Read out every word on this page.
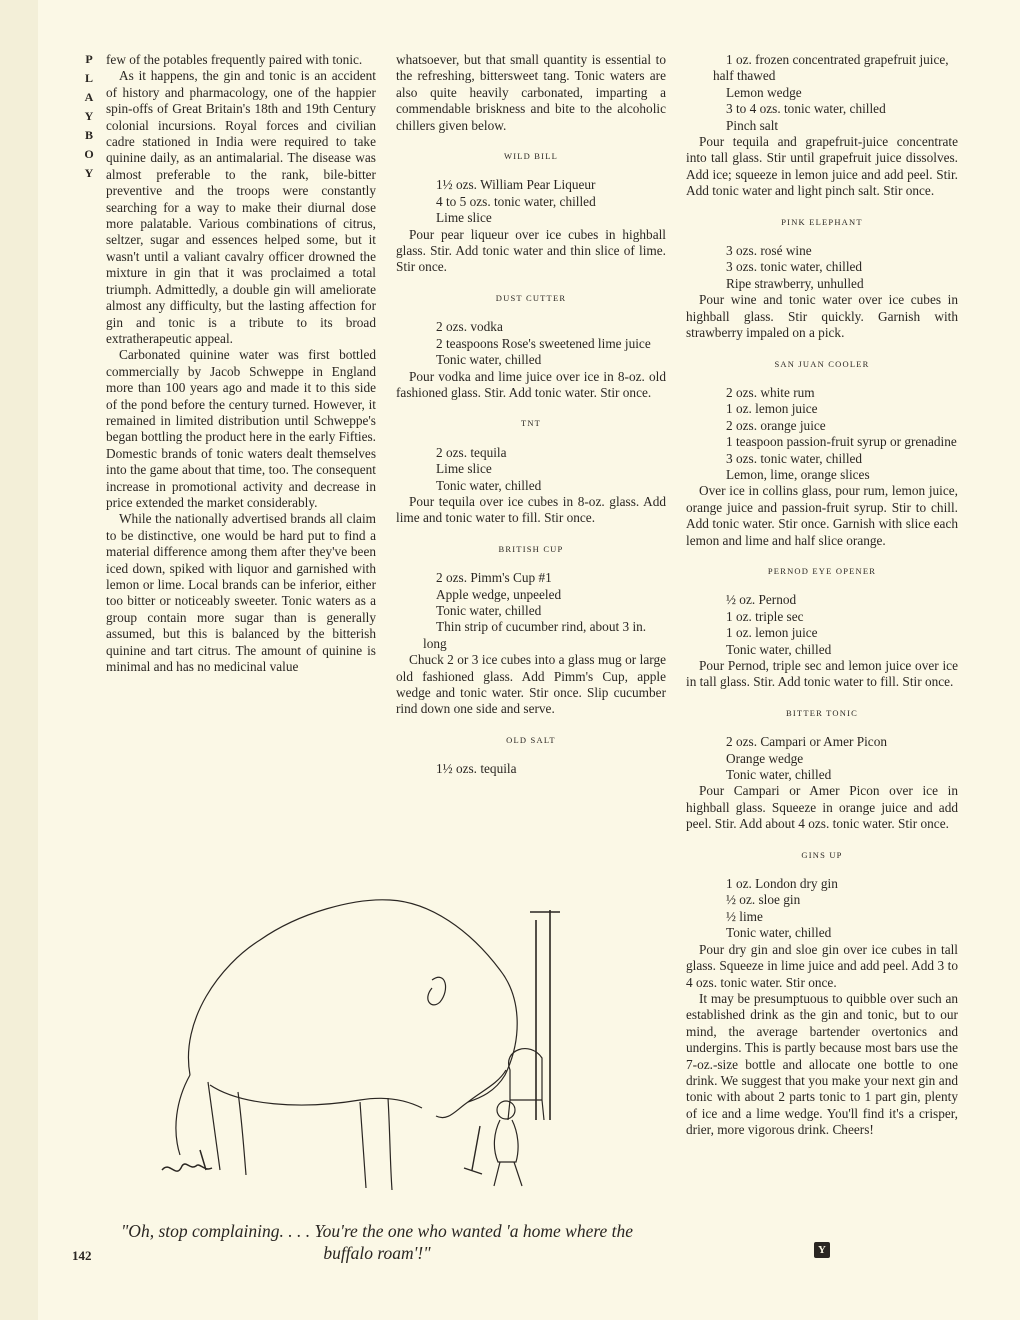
P
L
A
Y
B
O
Y

few of the potables frequently paired with tonic.

As it happens, the gin and tonic is an accident of history and pharmacology, one of the happier spin-offs of Great Britain's 18th and 19th Century colonial incursions. Royal forces and civilian cadre stationed in India were required to take quinine daily, as an antimalarial. The disease was almost preferable to the rank, bile-bitter preventive and the troops were constantly searching for a way to make their diurnal dose more palatable. Various combinations of citrus, seltzer, sugar and essences helped some, but it wasn't until a valiant cavalry officer drowned the mixture in gin that it was proclaimed a total triumph. Admittedly, a double gin will ameliorate almost any difficulty, but the lasting affection for gin and tonic is a tribute to its broad extratherapeutic appeal.

Carbonated quinine water was first bottled commercially by Jacob Schweppe in England more than 100 years ago and made it to this side of the pond before the century turned. However, it remained in limited distribution until Schweppe's began bottling the product here in the early Fifties. Domestic brands of tonic waters dealt themselves into the game about that time, too. The consequent increase in promotional activity and decrease in price extended the market considerably.

While the nationally advertised brands all claim to be distinctive, one would be hard put to find a material difference among them after they've been iced down, spiked with liquor and garnished with lemon or lime. Local brands can be inferior, either too bitter or noticeably sweeter. Tonic waters as a group contain more sugar than is generally assumed, but this is balanced by the bitterish quinine and tart citrus. The amount of quinine is minimal and has no medicinal value

whatsoever, but that small quantity is essential to the refreshing, bittersweet tang. Tonic waters are also quite heavily carbonated, imparting a commendable briskness and bite to the alcoholic chillers given below.

WILD BILL

1½ ozs. William Pear Liqueur

4 to 5 ozs. tonic water, chilled

Lime slice

Pour pear liqueur over ice cubes in highball glass. Stir. Add tonic water and thin slice of lime. Stir once.

DUST CUTTER

2 ozs. vodka

2 teaspoons Rose's sweetened lime juice

Tonic water, chilled

Pour vodka and lime juice over ice in 8-oz. old fashioned glass. Stir. Add tonic water. Stir once.

TNT

2 ozs. tequila

Lime slice

Tonic water, chilled

Pour tequila over ice cubes in 8-oz. glass. Add lime and tonic water to fill. Stir once.

BRITISH CUP

2 ozs. Pimm's Cup #1

Apple wedge, unpeeled

Tonic water, chilled

Thin strip of cucumber rind, about 3 in. long

Chuck 2 or 3 ice cubes into a glass mug or large old fashioned glass. Add Pimm's Cup, apple wedge and tonic water. Stir once. Slip cucumber rind down one side and serve.

OLD SALT

1½ ozs. tequila

1 oz. frozen concentrated grapefruit juice, half thawed

Lemon wedge

3 to 4 ozs. tonic water, chilled

Pinch salt

Pour tequila and grapefruit-juice concentrate into tall glass. Stir until grapefruit juice dissolves. Add ice; squeeze in lemon juice and add peel. Stir. Add tonic water and light pinch salt. Stir once.

PINK ELEPHANT

3 ozs. rosé wine

3 ozs. tonic water, chilled

Ripe strawberry, unhulled

Pour wine and tonic water over ice cubes in highball glass. Stir quickly. Garnish with strawberry impaled on a pick.

SAN JUAN COOLER

2 ozs. white rum

1 oz. lemon juice

2 ozs. orange juice

1 teaspoon passion-fruit syrup or grenadine

3 ozs. tonic water, chilled

Lemon, lime, orange slices

Over ice in collins glass, pour rum, lemon juice, orange juice and passion-fruit syrup. Stir to chill. Add tonic water. Stir once. Garnish with slice each lemon and lime and half slice orange.

PERNOD EYE OPENER

½ oz. Pernod

1 oz. triple sec

1 oz. lemon juice

Tonic water, chilled

Pour Pernod, triple sec and lemon juice over ice in tall glass. Stir. Add tonic water to fill. Stir once.

BITTER TONIC

2 ozs. Campari or Amer Picon

Orange wedge

Tonic water, chilled

Pour Campari or Amer Picon over ice in highball glass. Squeeze in orange juice and add peel. Stir. Add about 4 ozs. tonic water. Stir once.

GINS UP

1 oz. London dry gin

½ oz. sloe gin

½ lime

Tonic water, chilled

Pour dry gin and sloe gin over ice cubes in tall glass. Squeeze in lime juice and add peel. Add 3 to 4 ozs. tonic water. Stir once.

It may be presumptuous to quibble over such an established drink as the gin and tonic, but to our mind, the average bartender overtonics and undergins. This is partly because most bars use the 7-oz.-size bottle and allocate one bottle to one drink. We suggest that you make your next gin and tonic with about 2 parts tonic to 1 part gin, plenty of ice and a lime wedge. You'll find it's a crisper, drier, more vigorous drink. Cheers!

"Oh, stop complaining. . . . You're the one who wanted 'a home where the buffalo roam'!"
142	Y
